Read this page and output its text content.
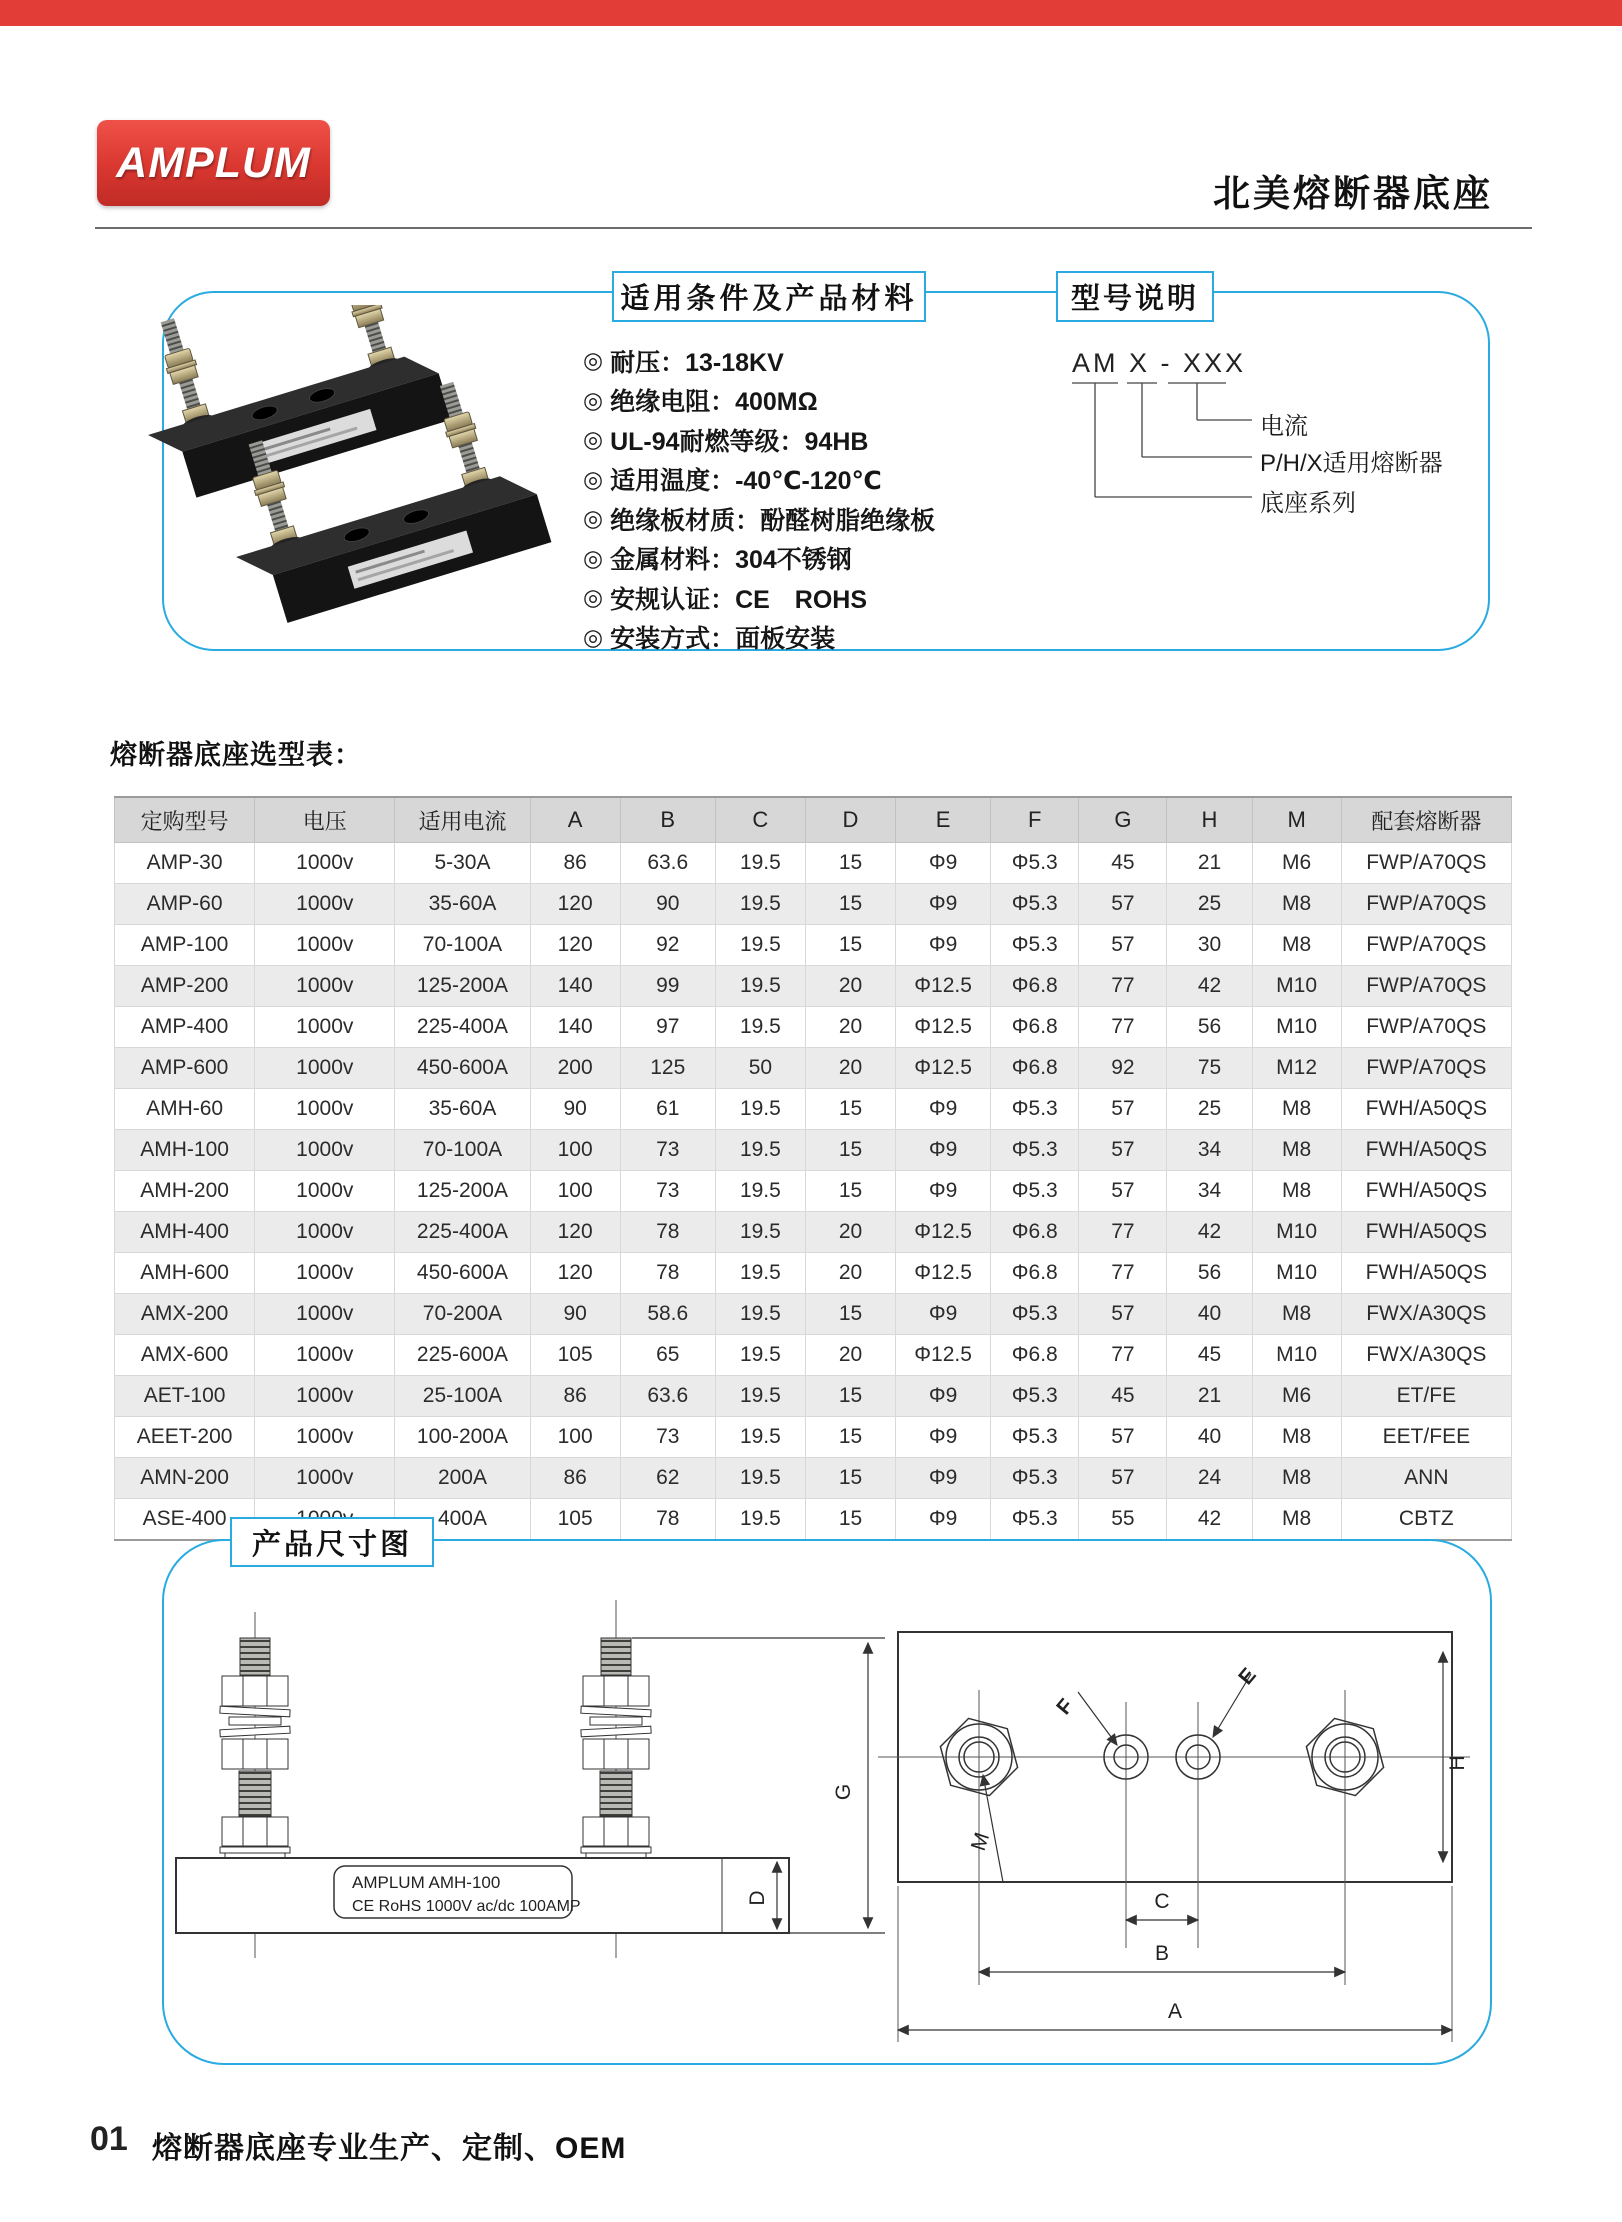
AMPLUM
北美熔断器底座
适用条件及产品材料	型号说明
◎ 耐压：13-18KV
◎ 绝缘电阻：400MΩ
◎ UL-94耐燃等级：94HB
◎ 适用温度：-40℃-120℃
◎ 绝缘板材质：酚醛树脂绝缘板
◎ 金属材料：304不锈钢
◎ 安规认证：CE　ROHS
◎ 安装方式：面板安装
AM X - XXX
电流
P/H/X适用熔断器
底座系列
熔断器底座选型表：
定购型号	电压	适用电流	A	B	C	D	E	F	G	H	M	配套熔断器
AMP-30	1000v	5-30A	86	63.6	19.5	15	Φ9	Φ5.3	45	21	M6	FWP/A70QS
AMP-60	1000v	35-60A	120	90	19.5	15	Φ9	Φ5.3	57	25	M8	FWP/A70QS
AMP-100	1000v	70-100A	120	92	19.5	15	Φ9	Φ5.3	57	30	M8	FWP/A70QS
AMP-200	1000v	125-200A	140	99	19.5	20	Φ12.5	Φ6.8	77	42	M10	FWP/A70QS
AMP-400	1000v	225-400A	140	97	19.5	20	Φ12.5	Φ6.8	77	56	M10	FWP/A70QS
AMP-600	1000v	450-600A	200	125	50	20	Φ12.5	Φ6.8	92	75	M12	FWP/A70QS
AMH-60	1000v	35-60A	90	61	19.5	15	Φ9	Φ5.3	57	25	M8	FWH/A50QS
AMH-100	1000v	70-100A	100	73	19.5	15	Φ9	Φ5.3	57	34	M8	FWH/A50QS
AMH-200	1000v	125-200A	100	73	19.5	15	Φ9	Φ5.3	57	34	M8	FWH/A50QS
AMH-400	1000v	225-400A	120	78	19.5	20	Φ12.5	Φ6.8	77	42	M10	FWH/A50QS
AMH-600	1000v	450-600A	120	78	19.5	20	Φ12.5	Φ6.8	77	56	M10	FWH/A50QS
AMX-200	1000v	70-200A	90	58.6	19.5	15	Φ9	Φ5.3	57	40	M8	FWX/A30QS
AMX-600	1000v	225-600A	105	65	19.5	20	Φ12.5	Φ6.8	77	45	M10	FWX/A30QS
AET-100	1000v	25-100A	86	63.6	19.5	15	Φ9	Φ5.3	45	21	M6	ET/FE
AEET-200	1000v	100-200A	100	73	19.5	15	Φ9	Φ5.3	57	40	M8	EET/FEE
AMN-200	1000v	200A	86	62	19.5	15	Φ9	Φ5.3	57	24	M8	ANN
ASE-400		400A	105	78	19.5	15	Φ9	Φ5.3	55	42	M8	CBTZ
产品尺寸图
AMPLUM AMH-100
CE RoHS 1000V ac/dc 100AMP
G
D
F
E
M
H
C
B
A
01 熔断器底座专业生产、定制、OEM
